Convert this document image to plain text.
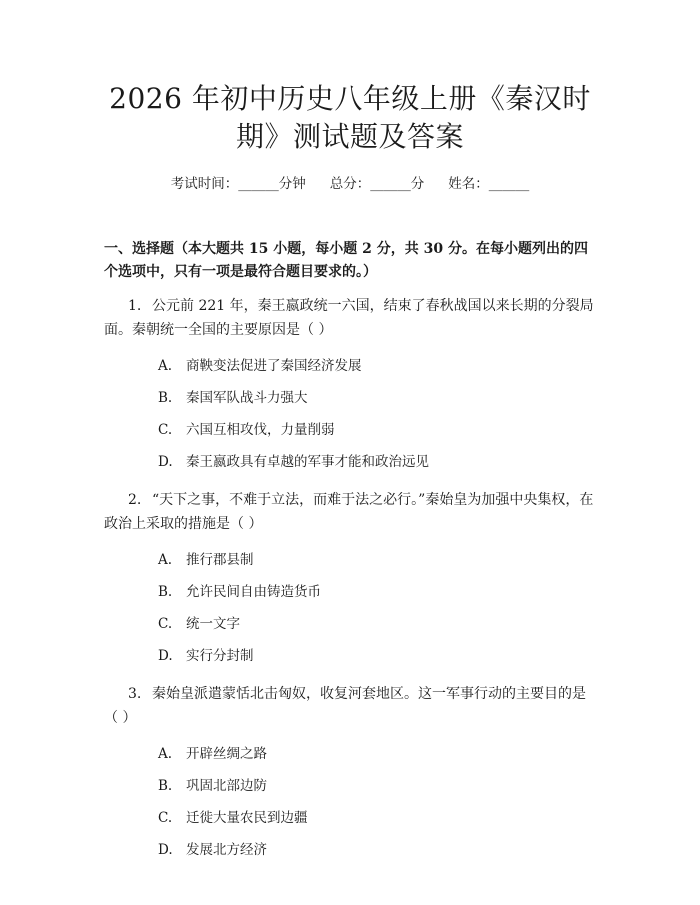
2026 年初中历史八年级上册《秦汉时期》测试题及答案
考试时间：______分钟 总分：______分 姓名：______
一、选择题（本大题共 15 小题，每小题 2 分，共 30 分。在每小题列出的四个选项中，只有一项是最符合题目要求的。）
1. 公元前 221 年，秦王嬴政统一六国，结束了春秋战国以来长期的分裂局面。秦朝统一全国的主要原因是（ ）
A.	商鞅变法促进了秦国经济发展
B.	秦国军队战斗力强大
C.	六国互相攻伐，力量削弱
D. 秦王嬴政具有卓越的军事才能和政治远见
2. “天下之事，不难于立法，而难于法之必行。”秦始皇为加强中央集权，在政治上采取的措施是（ ）
A.	推行郡县制
B.	允许民间自由铸造货币
C.	统一文字
D. 实行分封制
3. 秦始皇派遣蒙恬北击匈奴，收复河套地区。这一军事行动的主要目的是（ ）
A.	开辟丝绸之路
B.	巩固北部边防
C.	迁徙大量农民到边疆
D. 发展北方经济
